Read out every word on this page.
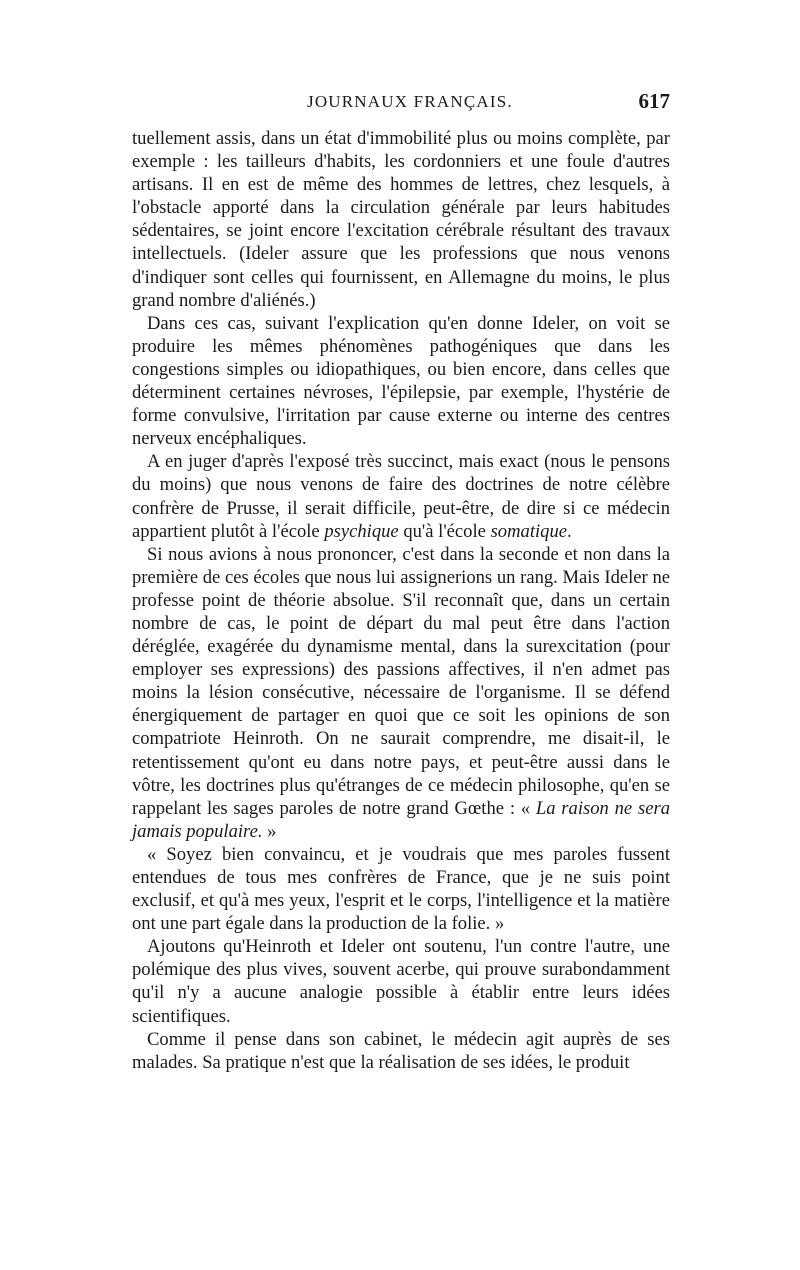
JOURNAUX FRANÇAIS.	617

tuellement assis, dans un état d'immobilité plus ou moins complète, par exemple : les tailleurs d'habits, les cordonniers et une foule d'autres artisans. Il en est de même des hommes de lettres, chez lesquels, à l'obstacle apporté dans la circulation générale par leurs habitudes sédentaires, se joint encore l'excitation cérébrale résultant des travaux intellectuels. (Ideler assure que les professions que nous venons d'indiquer sont celles qui fournissent, en Allemagne du moins, le plus grand nombre d'aliénés.)

Dans ces cas, suivant l'explication qu'en donne Ideler, on voit se produire les mêmes phénomènes pathogéniques que dans les congestions simples ou idiopathiques, ou bien encore, dans celles que déterminent certaines névroses, l'épilepsie, par exemple, l'hystérie de forme convulsive, l'irritation par cause externe ou interne des centres nerveux encéphaliques.

A en juger d'après l'exposé très succinct, mais exact (nous le pensons du moins) que nous venons de faire des doctrines de notre célèbre confrère de Prusse, il serait difficile, peut-être, de dire si ce médecin appartient plutôt à l'école psychique qu'à l'école somatique.

Si nous avions à nous prononcer, c'est dans la seconde et non dans la première de ces écoles que nous lui assignerions un rang. Mais Ideler ne professe point de théorie absolue. S'il reconnaît que, dans un certain nombre de cas, le point de départ du mal peut être dans l'action déréglée, exagérée du dynamisme mental, dans la surexcitation (pour employer ses expressions) des passions affectives, il n'en admet pas moins la lésion consécutive, nécessaire de l'organisme. Il se défend énergiquement de partager en quoi que ce soit les opinions de son compatriote Heinroth. On ne saurait comprendre, me disait-il, le retentissement qu'ont eu dans notre pays, et peut-être aussi dans le vôtre, les doctrines plus qu'étranges de ce médecin philosophe, qu'en se rappelant les sages paroles de notre grand Gœthe : « La raison ne sera jamais populaire. »

« Soyez bien convaincu, et je voudrais que mes paroles fussent entendues de tous mes confrères de France, que je ne suis point exclusif, et qu'à mes yeux, l'esprit et le corps, l'intelligence et la matière ont une part égale dans la production de la folie. »

Ajoutons qu'Heinroth et Ideler ont soutenu, l'un contre l'autre, une polémique des plus vives, souvent acerbe, qui prouve surabondamment qu'il n'y a aucune analogie possible à établir entre leurs idées scientifiques.

Comme il pense dans son cabinet, le médecin agit auprès de ses malades. Sa pratique n'est que la réalisation de ses idées, le produit
